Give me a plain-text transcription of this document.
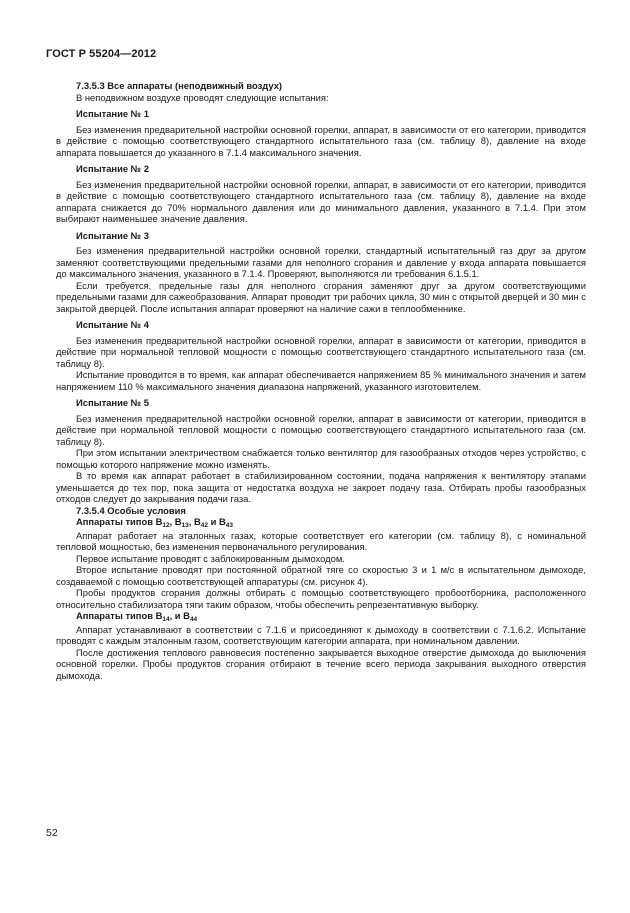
ГОСТ Р 55204—2012

7.3.5.3 Все аппараты (неподвижный воздух)

В неподвижном воздухе проводят следующие испытания:

Испытание № 1

Без изменения предварительной настройки основной горелки, аппарат, в зависимости от его категории, приводится в действие с помощью соответствующего стандартного испытательного газа (см. таблицу 8), давление на входе аппарата повышается до указанного в 7.1.4 максимального значения.

Испытание № 2

Без изменения предварительной настройки основной горелки, аппарат, в зависимости от его категории, приводится в действие с помощью соответствующего стандартного испытательного газа (см. таблицу 8), давление на входе аппарата снижается до 70% нормального давления или до минимального давления, указанного в 7.1.4. При этом выбирают наименьшее значение давления.

Испытание № 3

Без изменения предварительной настройки основной горелки, стандартный испытательный газ друг за другом заменяют соответствующими предельными газами для неполного сгорания и давление у входа аппарата повышается до максимального значения, указанного в 7.1.4. Проверяют, выполняются ли требования 6.1.5.1.

Если требуется, предельные газы для неполного сгорания заменяют друг за другом соответствующими предельными газами для сажеобразования. Аппарат проводит три рабочих цикла, 30 мин с открытой дверцей и 30 мин с закрытой дверцей. После испытания аппарат проверяют на наличие сажи в теплообменнике.

Испытание № 4

Без изменения предварительной настройки основной горелки, аппарат в зависимости от категории, приводится в действие при нормальной тепловой мощности с помощью соответствующего стандартного испытательного газа (см. таблицу 8).

Испытание проводится в то время, как аппарат обеспечивается напряжением 85 % минимального значения и затем напряжением 110 % максимального значения диапазона напряжений, указанного изготовителем.

Испытание № 5

Без изменения предварительной настройки основной горелки, аппарат в зависимости от категории, приводится в действие при нормальной тепловой мощности с помощью соответствующего стандартного испытательного газа (см. таблицу 8).

При этом испытании электричеством снабжается только вентилятор для газообразных отходов через устройство, с помощью которого напряжение можно изменять.

В то время как аппарат работает в стабилизированном состоянии, подача напряжения к вентилятору этапами уменьшается до тех пор, пока защита от недостатка воздуха не закроет подачу газа. Отбирать пробы газообразных отходов следует до закрывания подачи газа.

7.3.5.4 Особые условия

Аппараты типов $В_{12}$, $В_{13}$, $В_{42}$ и $В_{43}$

Аппарат работает на эталонных газах, которые соответствует его категории (см. таблицу 8), с номинальной тепловой мощностью, без изменения первоначального регулирования.

Первое испытание проводят с заблокированным дымоходом.

Второе испытание проводят при постоянной обратной тяге со скоростью 3 и 1 м/с в испытательном дымоходе, создаваемой с помощью соответствующей аппаратуры (см. рисунок 4).

Пробы продуктов сгорания должны отбирать с помощью соответствующего пробоотборника, расположенного относительно стабилизатора тяги таким образом, чтобы обеспечить репрезентативную выборку.

Аппараты типов $В_{14}$, и $В_{44}$

Аппарат устанавливают в соответствии с 7.1.6 и присоединяют к дымоходу в соответствии с 7.1.6.2. Испытание проводят с каждым эталонным газом, соответствующим категории аппарата, при номинальном давлении.

После достижения теплового равновесия постепенно закрывается выходное отверстие дымохода до выключения основной горелки. Пробы продуктов сгорания отбирают в течение всего периода закрывания выходного отверстия дымохода.

52
